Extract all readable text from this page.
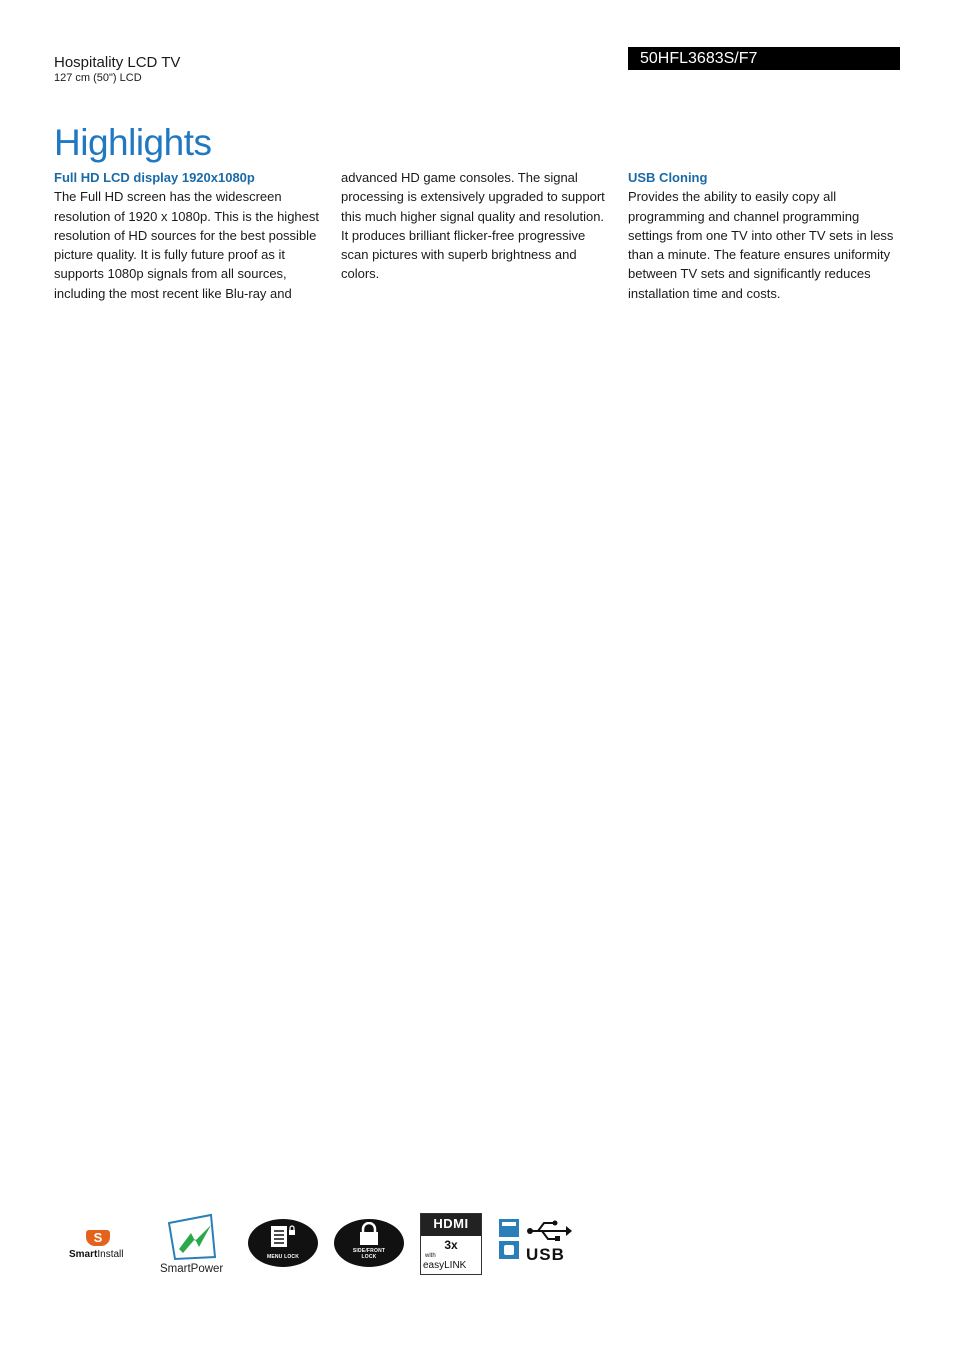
Hospitality LCD TV
127 cm (50") LCD
50HFL3683S/F7
Highlights
Full HD LCD display 1920x1080p
The Full HD screen has the widescreen resolution of 1920 x 1080p. This is the highest resolution of HD sources for the best possible picture quality. It is fully future proof as it supports 1080p signals from all sources, including the most recent like Blu-ray and
advanced HD game consoles. The signal processing is extensively upgraded to support this much higher signal quality and resolution. It produces brilliant flicker-free progressive scan pictures with superb brightness and colors.
USB Cloning
Provides the ability to easily copy all programming and channel programming settings from one TV into other TV sets in less than a minute. The feature ensures uniformity between TV sets and significantly reduces installation time and costs.
S
SmartInstall
SmartPower
MENU LOCK
SIDE/FRONT
LOCK
HDMI
3x
with
easyLINK
USB
